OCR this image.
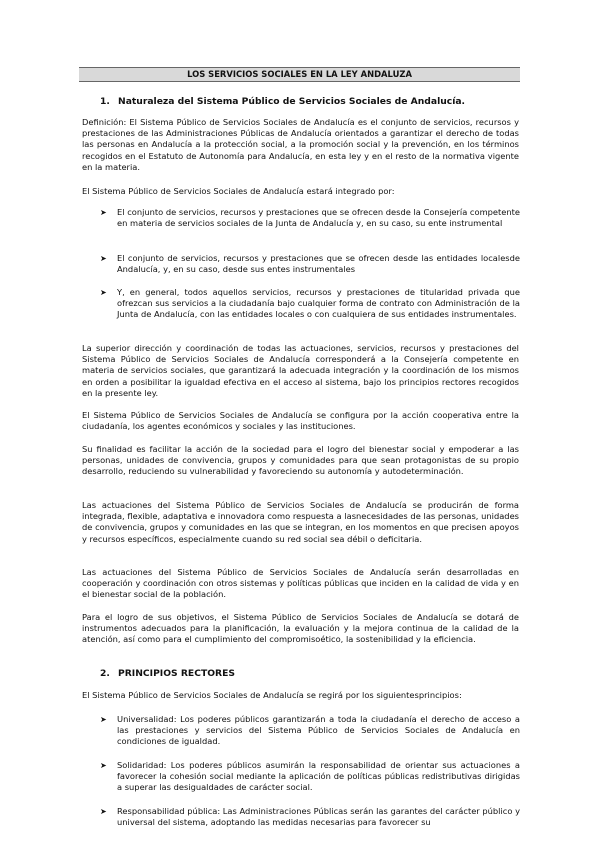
LOS SERVICIOS SOCIALES EN LA LEY ANDALUZA
1. Naturaleza del Sistema Público de Servicios Sociales de Andalucía.

Definición: El Sistema Público de Servicios Sociales de Andalucía es el conjunto de servicios, recursos y prestaciones de las Administraciones Públicas de Andalucía orientados a garantizar el derecho de todas las personas en Andalucía a la protección social, a la promoción social y la prevención, en los términos recogidos en el Estatuto de Autonomía para Andalucía, en esta ley y en el resto de la normativa vigente en la materia.

El Sistema Público de Servicios Sociales de Andalucía estará integrado por:

➤ El conjunto de servicios, recursos y prestaciones que se ofrecen desde la Consejería competente en materia de servicios sociales de la Junta de Andalucía y, en su caso, su ente instrumental
➤ El conjunto de servicios, recursos y prestaciones que se ofrecen desde las entidades localesde Andalucía, y, en su caso, desde sus entes instrumentales
➤ Y, en general, todos aquellos servicios, recursos y prestaciones de titularidad privada que ofrezcan sus servicios a la ciudadanía bajo cualquier forma de contrato con Administración de la Junta de Andalucía, con las entidades locales o con cualquiera de sus entidades instrumentales.

La superior dirección y coordinación de todas las actuaciones, servicios, recursos y prestaciones del Sistema Público de Servicios Sociales de Andalucía corresponderá a la Consejería competente en materia de servicios sociales, que garantizará la adecuada integración y la coordinación de los mismos en orden a posibilitar la igualdad efectiva en el acceso al sistema, bajo los principios rectores recogidos en la presente ley.

El Sistema Público de Servicios Sociales de Andalucía se configura por la acción cooperativa entre la ciudadanía, los agentes económicos y sociales y las instituciones.

Su finalidad es facilitar la acción de la sociedad para el logro del bienestar social y empoderar a las personas, unidades de convivencia, grupos y comunidades para que sean protagonistas de su propio desarrollo, reduciendo su vulnerabilidad y favoreciendo su autonomía y autodeterminación.

Las actuaciones del Sistema Público de Servicios Sociales de Andalucía se producirán de forma integrada, flexible, adaptativa e innovadora como respuesta a lasnecesidades de las personas, unidades de convivencia, grupos y comunidades en las que se integran, en los momentos en que precisen apoyos y recursos específicos, especialmente cuando su red social sea débil o deficitaria.

Las actuaciones del Sistema Público de Servicios Sociales de Andalucía serán desarrolladas en cooperación y coordinación con otros sistemas y políticas públicas que inciden en la calidad de vida y en el bienestar social de la población.

Para el logro de sus objetivos, el Sistema Público de Servicios Sociales de Andalucía se dotará de instrumentos adecuados para la planificación, la evaluación y la mejora continua de la calidad de la atención, así como para el cumplimiento del compromisoético, la sostenibilidad y la eficiencia.

2. PRINCIPIOS RECTORES

El Sistema Público de Servicios Sociales de Andalucía se regirá por los siguientesprincipios:

➤ Universalidad: Los poderes públicos garantizarán a toda la ciudadanía el derecho de acceso a las prestaciones y servicios del Sistema Público de Servicios Sociales de Andalucía en condiciones de igualdad.
➤ Solidaridad: Los poderes públicos asumirán la responsabilidad de orientar sus actuaciones a favorecer la cohesión social mediante la aplicación de políticas públicas redistributivas dirigidas a superar las desigualdades de carácter social.
➤ Responsabilidad pública: Las Administraciones Públicas serán las garantes del carácter público y universal del sistema, adoptando las medidas necesarias para favorecer su
